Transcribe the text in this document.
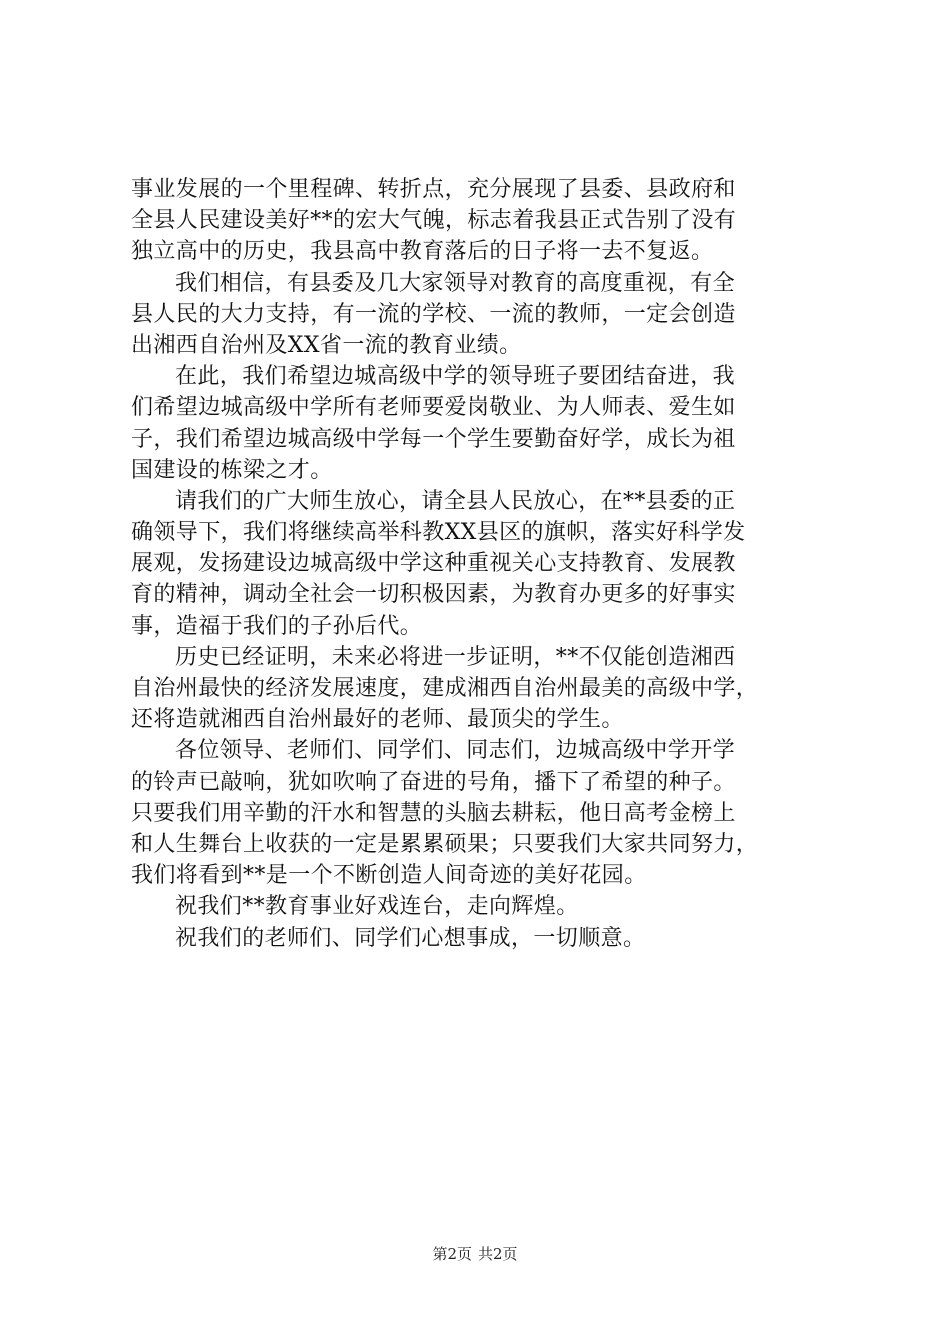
事业发展的一个里程碑、转折点，充分展现了县委、县政府和
全县人民建设美好**的宏大气魄，标志着我县正式告别了没有
独立高中的历史，我县高中教育落后的日子将一去不复返。
我们相信，有县委及几大家领导对教育的高度重视，有全
县人民的大力支持，有一流的学校、一流的教师，一定会创造
出湘西自治州及XX省一流的教育业绩。
在此，我们希望边城高级中学的领导班子要团结奋进，我
们希望边城高级中学所有老师要爱岗敬业、为人师表、爱生如
子，我们希望边城高级中学每一个学生要勤奋好学，成长为祖
国建设的栋梁之才。
请我们的广大师生放心，请全县人民放心，在**县委的正
确领导下，我们将继续高举科教XX县区的旗帜，落实好科学发
展观，发扬建设边城高级中学这种重视关心支持教育、发展教
育的精神，调动全社会一切积极因素，为教育办更多的好事实
事，造福于我们的子孙后代。
历史已经证明，未来必将进一步证明，**不仅能创造湘西
自治州最快的经济发展速度，建成湘西自治州最美的高级中学，
还将造就湘西自治州最好的老师、最顶尖的学生。
各位领导、老师们、同学们、同志们，边城高级中学开学
的铃声已敲响，犹如吹响了奋进的号角，播下了希望的种子。
只要我们用辛勤的汗水和智慧的头脑去耕耘，他日高考金榜上
和人生舞台上收获的一定是累累硕果；只要我们大家共同努力，
我们将看到**是一个不断创造人间奇迹的美好花园。
祝我们**教育事业好戏连台，走向辉煌。
祝我们的老师们、同学们心想事成，一切顺意。
第2页 共2页
